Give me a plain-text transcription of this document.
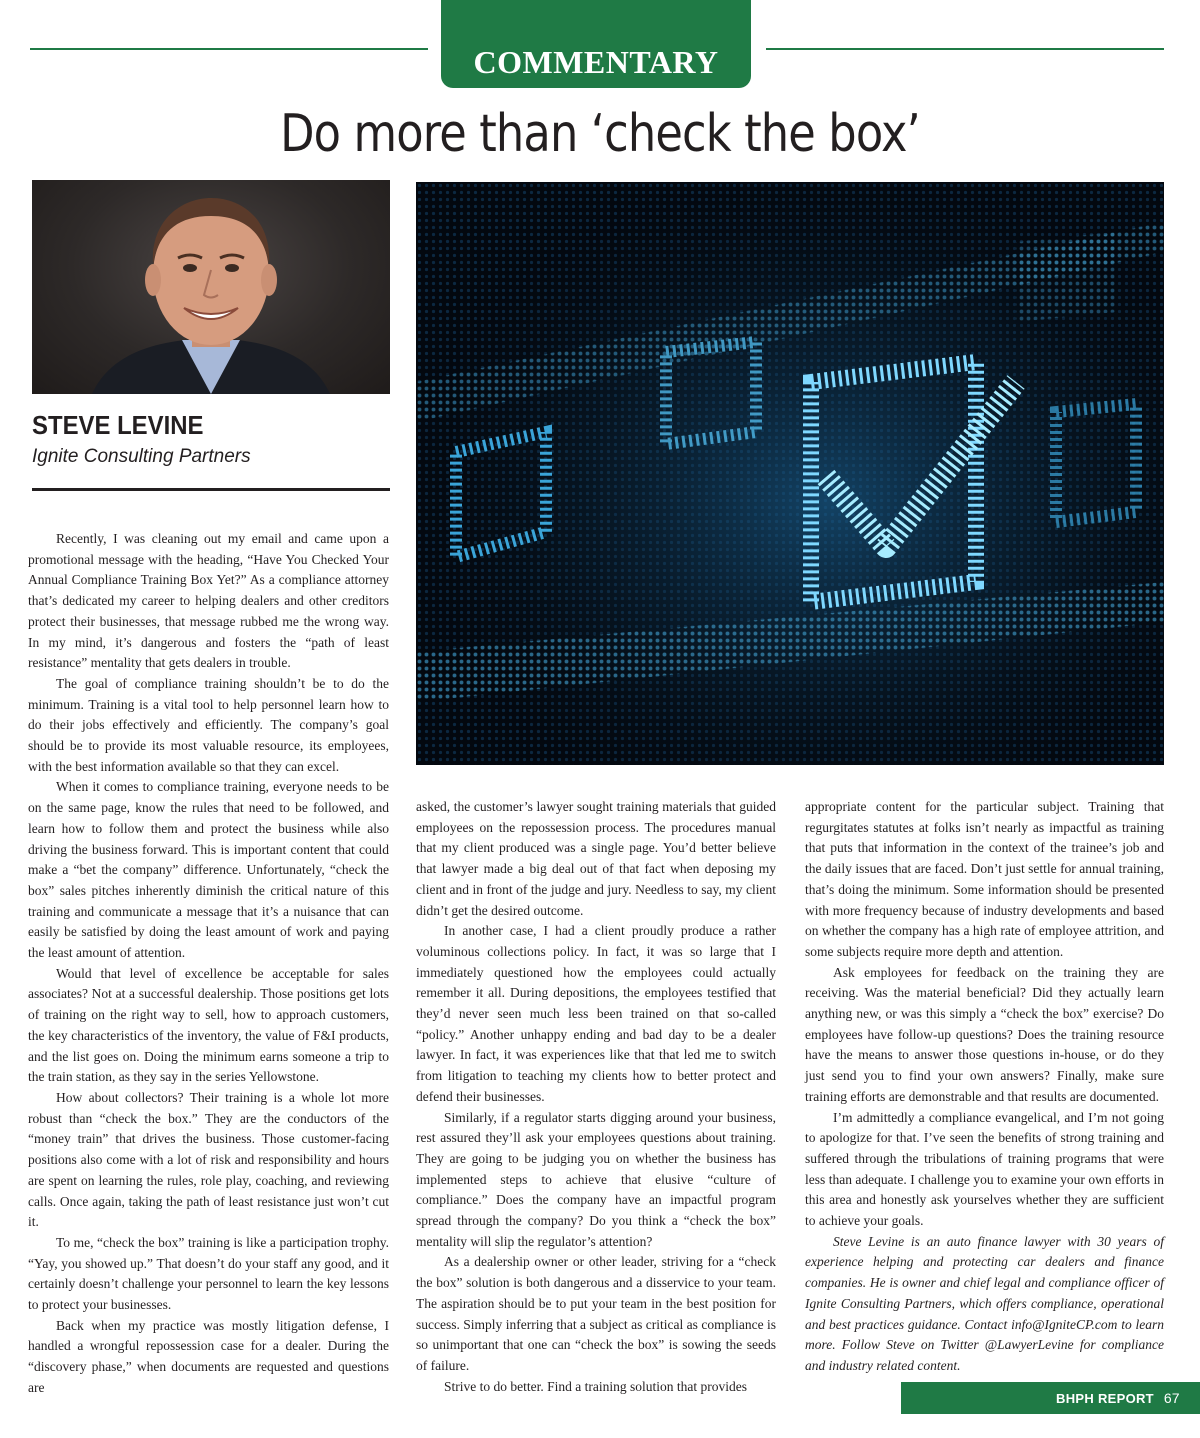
COMMENTARY
Do more than ‘check the box’
STEVE LEVINE
Ignite Consulting Partners

Recently, I was cleaning out my email and came upon a promotional message with the heading, “Have You Checked Your Annual Compliance Training Box Yet?” As a compliance attorney that’s dedicated my career to helping dealers and other creditors protect their businesses, that message rubbed me the wrong way. In my mind, it’s dangerous and fosters the “path of least resistance” mentality that gets dealers in trouble.

The goal of compliance training shouldn’t be to do the minimum. Training is a vital tool to help personnel learn how to do their jobs effectively and efficiently. The company’s goal should be to provide its most valuable resource, its employees, with the best information available so that they can excel.

When it comes to compliance training, everyone needs to be on the same page, know the rules that need to be followed, and learn how to follow them and protect the business while also driving the business forward. This is important content that could make a “bet the company” difference. Unfortunately, “check the box” sales pitches inherently diminish the critical nature of this training and communicate a message that it’s a nuisance that can easily be satisfied by doing the least amount of work and paying the least amount of attention.

Would that level of excellence be acceptable for sales associates? Not at a successful dealership. Those positions get lots of training on the right way to sell, how to approach customers, the key characteristics of the inventory, the value of F&I products, and the list goes on. Doing the minimum earns someone a trip to the train station, as they say in the series Yellowstone.

How about collectors? Their training is a whole lot more robust than “check the box.” They are the conductors of the “money train” that drives the business. Those customer-facing positions also come with a lot of risk and responsibility and hours are spent on learning the rules, role play, coaching, and reviewing calls. Once again, taking the path of least resistance just won’t cut it.

To me, “check the box” training is like a participation trophy. “Yay, you showed up.” That doesn’t do your staff any good, and it certainly doesn’t challenge your personnel to learn the key lessons to protect your businesses.

Back when my practice was mostly litigation defense, I handled a wrongful repossession case for a dealer. During the “discovery phase,” when documents are requested and questions are

asked, the customer’s lawyer sought training materials that guided employees on the repossession process. The procedures manual that my client produced was a single page. You’d better believe that lawyer made a big deal out of that fact when deposing my client and in front of the judge and jury. Needless to say, my client didn’t get the desired outcome.

In another case, I had a client proudly produce a rather voluminous collections policy. In fact, it was so large that I immediately questioned how the employees could actually remember it all. During depositions, the employees testified that they’d never seen much less been trained on that so-called “policy.” Another unhappy ending and bad day to be a dealer lawyer. In fact, it was experiences like that that led me to switch from litigation to teaching my clients how to better protect and defend their businesses.

Similarly, if a regulator starts digging around your business, rest assured they’ll ask your employees questions about training. They are going to be judging you on whether the business has implemented steps to achieve that elusive “culture of compliance.” Does the company have an impactful program spread through the company? Do you think a “check the box” mentality will slip the regulator’s attention?

As a dealership owner or other leader, striving for a “check the box” solution is both dangerous and a disservice to your team. The aspiration should be to put your team in the best position for success. Simply inferring that a subject as critical as compliance is so unimportant that one can “check the box” is sowing the seeds of failure.

Strive to do better. Find a training solution that provides

appropriate content for the particular subject. Training that regurgitates statutes at folks isn’t nearly as impactful as training that puts that information in the context of the trainee’s job and the daily issues that are faced. Don’t just settle for annual training, that’s doing the minimum. Some information should be presented with more frequency because of industry developments and based on whether the company has a high rate of employee attrition, and some subjects require more depth and attention.

Ask employees for feedback on the training they are receiving. Was the material beneficial? Did they actually learn anything new, or was this simply a “check the box” exercise? Do employees have follow-up questions? Does the training resource have the means to answer those questions in-house, or do they just send you to find your own answers? Finally, make sure training efforts are demonstrable and that results are documented.

I’m admittedly a compliance evangelical, and I’m not going to apologize for that. I’ve seen the benefits of strong training and suffered through the tribulations of training programs that were less than adequate. I challenge you to examine your own efforts in this area and honestly ask yourselves whether they are sufficient to achieve your goals.

Steve Levine is an auto finance lawyer with 30 years of experience helping and protecting car dealers and finance companies. He is owner and chief legal and compliance officer of Ignite Consulting Partners, which offers compliance, operational and best practices guidance. Contact info@IgniteCP.com to learn more. Follow Steve on Twitter @LawyerLevine for compliance and industry related content.

BHPH REPORT 67
